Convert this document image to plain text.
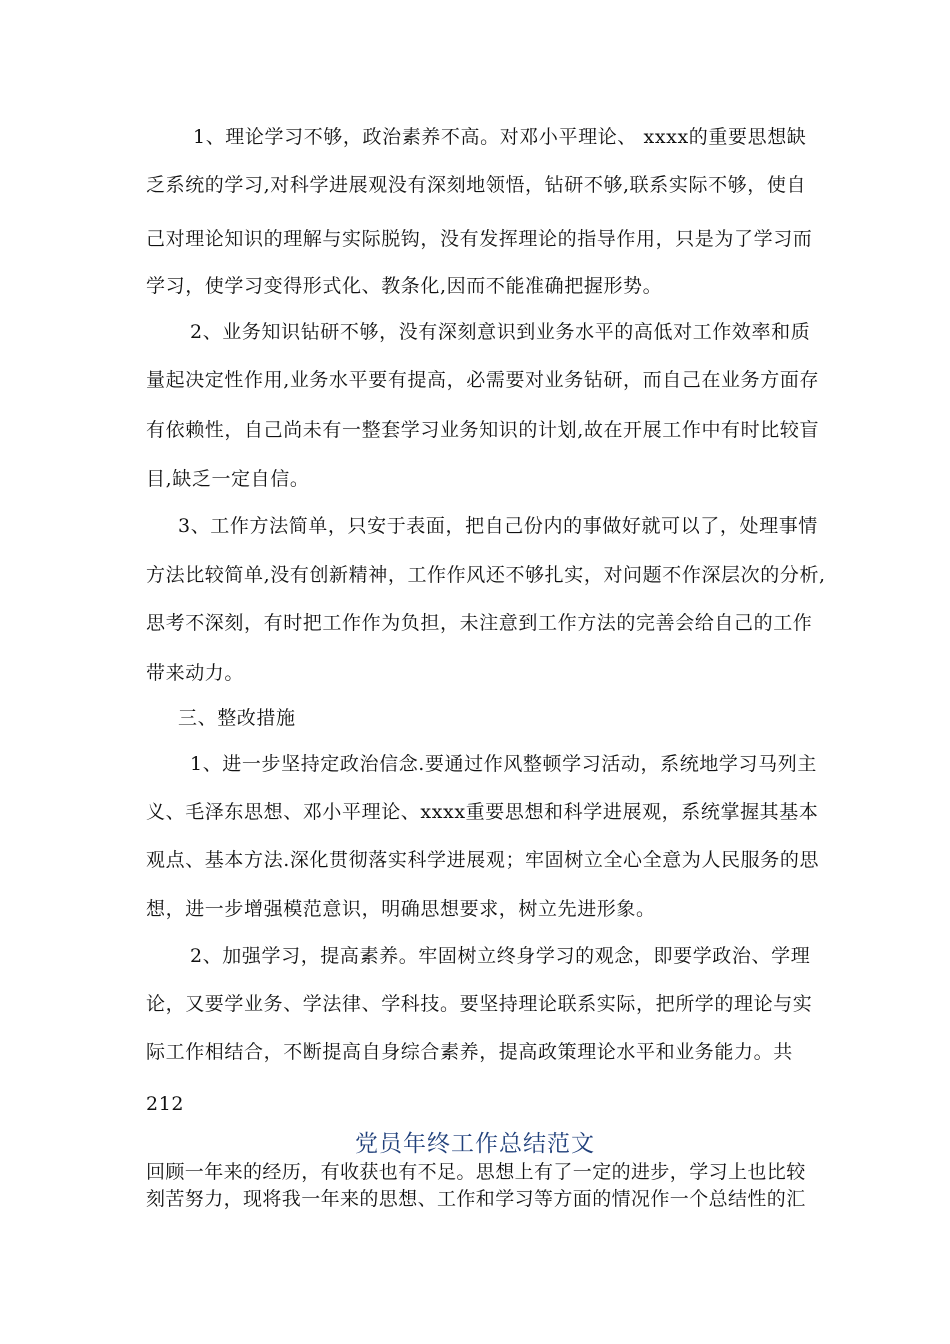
1、理论学习不够，政治素养不高。对邓小平理论、 xxxx的重要思想缺
乏系统的学习,对科学进展观没有深刻地领悟，钻研不够,联系实际不够，使自
己对理论知识的理解与实际脱钩，没有发挥理论的指导作用，只是为了学习而
学习，使学习变得形式化、教条化,因而不能准确把握形势。
2、业务知识钻研不够，没有深刻意识到业务水平的高低对工作效率和质
量起决定性作用,业务水平要有提高，必需要对业务钻研，而自己在业务方面存
有依赖性，自己尚未有一整套学习业务知识的计划,故在开展工作中有时比较盲
目,缺乏一定自信。
3、工作方法简单，只安于表面，把自己份内的事做好就可以了，处理事情
方法比较简单,没有创新精神，工作作风还不够扎实，对问题不作深层次的分析,
思考不深刻，有时把工作作为负担，未注意到工作方法的完善会给自己的工作
带来动力。
三、整改措施
1、进一步坚持定政治信念.要通过作风整顿学习活动，系统地学习马列主
义、毛泽东思想、邓小平理论、xxxx重要思想和科学进展观，系统掌握其基本
观点、基本方法.深化贯彻落实科学进展观；牢固树立全心全意为人民服务的思
想，进一步增强模范意识，明确思想要求，树立先进形象。
2、加强学习，提高素养。牢固树立终身学习的观念，即要学政治、学理
论，又要学业务、学法律、学科技。要坚持理论联系实际，把所学的理论与实
际工作相结合，不断提高自身综合素养，提高政策理论水平和业务能力。共
212
党员年终工作总结范文
回顾一年来的经历，有收获也有不足。思想上有了一定的进步，学习上也比较
刻苦努力，现将我一年来的思想、工作和学习等方面的情况作一个总结性的汇
